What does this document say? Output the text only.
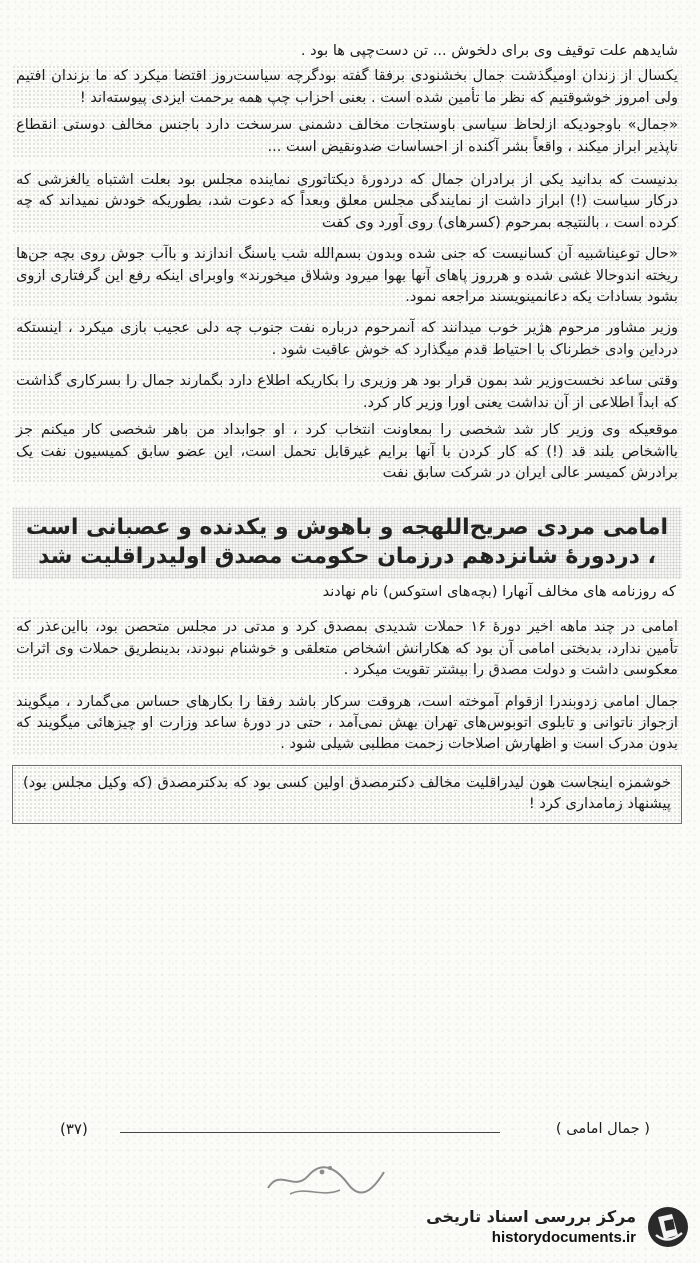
شایدهم علت توقیف وی برای دلخوش ... تن دست‌چپی ها بود .

یکسال از زندان اومیگذشت جمال بخشنودی برفقا گفته بودگرچه سیاست‌روز اقتضا میکرد که ما بزندان افتیم ولی امروز خوشوقتیم که نظر ما تأمین شده است . بعنی احزاب چپ همه برحمت ایزدی پیوسته‌اند !

«جمال» باوجودیکه ازلحاظ سیاسی باوستجات مخالف دشمنی سرسخت دارد باجنس مخالف دوستی انقطاع ناپذیر ابراز میکند ، واقعاً بشر آکنده از احساسات ضدونقیض است ...

بدنیست که بدانید یکی از برادران جمال که دردورهٔ دیکتاتوری نماینده مجلس بود بعلت اشتباه یالغزشی که درکار سیاست (!) ابراز داشت از نمایندگی مجلس معلق وبعداً که دعوت شد، بطوریکه خودش نمیداند که چه کرده است ، بالنتیجه بمرحوم (کسرهای) روی آورد وی کفت

«حال توعیناشبیه آن کسانیست که جنی شده وبدون بسم‌الله شب یاسنگ اندازند و باآب جوش روی بچه جن‌ها ریخته اندوحالا غشی شده و هرروز پاهای آنها بهوا میرود وشلاق میخورند» واوبرای اینکه رفع این گرفتاری ازوی بشود بسادات یکه دعانمینویسند مراجعه نمود.

وزیر مشاور مرحوم هژیر خوب میدانند که آنمرحوم درباره نفت جنوب چه دلی عجیب بازی میکرد ، اینستکه درداین وادی خطرناک با احتیاط قدم میگذارد که خوش عاقبت شود .

وقتی ساعد نخست‌وزیر شد بمون قرار بود هر وزیری را بکاریکه اطلاع دارد بگمارند جمال را بسرکاری گذاشت که ابداً اطلاعی از آن نداشت یعنی اورا وزیر کار کرد.

موقعیکه وی وزیر کار شد شخصی را بمعاونت انتخاب کرد ، او جوابداد من باهر شخصی کار میکنم جز بااشخاص بلند قد (!) که کار کردن با آنها برایم غیرقابل تحمل است، این عضو سابق کمیسیون نفت یک برادرش کمیسر عالی ایران در شرکت سابق نفت

امامی مردی صریح‌اللهجه و باهوش و یکدنده و عصبانی است ، دردورهٔ شانزدهم درزمان حکومت مصدق اولیدراقلیت شد

که روزنامه های مخالف آنهارا (بچه‌های استوکس) نام نهادند

امامی در چند ماهه اخیر دورهٔ ۱۶ حملات شدیدی بمصدق کرد و مدتی در مجلس متحصن بود، بااین‌عذر که تأمین ندارد، بدبختی امامی آن بود که هکارانش اشخاص متعلقی و خوشنام نبودند، بدینطریق حملات وی اثرات معکوسی داشت و دولت مصدق را بیشتر تقویت میکرد .

جمال امامی زدوبندرا ازقوام آموخته است، هروقت سرکار باشد رفقا را بکارهای حساس می‌گمارد ، میگویند ازجواز ناتوانی و تابلوی اتوبوس‌های تهران بهش نمی‌آمد ، حتی در دورهٔ ساعد وزارت او چیزهائی میگویند که بدون مدرک است و اظهارش اصلاحات زحمت مطلبی شیلی شود .

خوشمزه اینجاست هون لیدراقلیت مخالف دکترمصدق اولین کسی بود که بدکترمصدق (که وکیل مجلس بود) پیشنهاد زمامداری کرد !

( جمال امامی )
(۳۷)
مرکز بررسی اسناد تاریخی
historydocuments.ir
